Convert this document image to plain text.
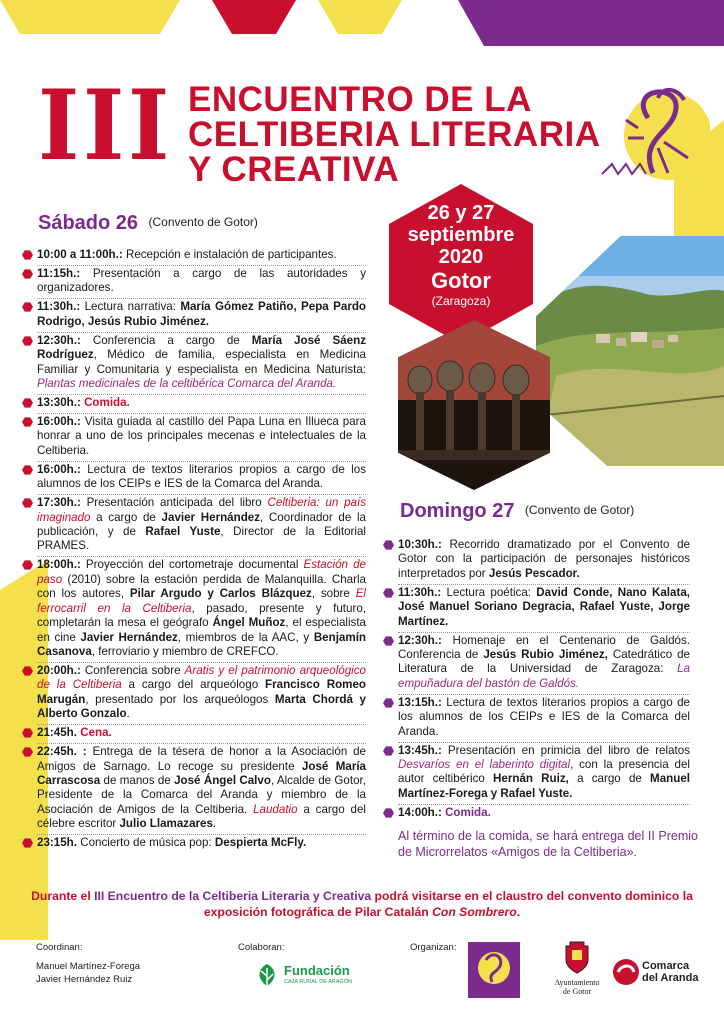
III ENCUENTRO DE LA
CELTIBERIA LITERARIA
Y CREATIVA
26 y 27
septiembre
2020
Gotor
(Zaragoza)
Sábado 26 (Convento de Gotor)
10:00 a 11:00h.: Recepción e instalación de participantes.
11:15h.: Presentación a cargo de las autoridades y organizadores.
11:30h.: Lectura narrativa: María Gómez Patiño, Pepa Pardo Rodrigo, Jesús Rubio Jiménez.
12:30h.: Conferencia a cargo de María José Sáenz Rodríguez, Médico de familia, especialista en Medicina Familiar y Comunitaria y especialista en Medicina Naturista: Plantas medicinales de la celtibérica Comarca del Aranda.
13:30h.: Comida.
16:00h.: Visita guiada al castillo del Papa Luna en Illueca para honrar a uno de los principales mecenas e intelectuales de la Celtiberia.
16:00h.: Lectura de textos literarios propios a cargo de los alumnos de los CEIPs e IES de la Comarca del Aranda.
17:30h.: Presentación anticipada del libro Celtiberia: un país imaginado a cargo de Javier Hernández, Coordinador de la publicación, y de Rafael Yuste, Director de la Editorial PRAMES.
18:00h.: Proyección del cortometraje documental Estación de paso (2010) sobre la estación perdida de Malanquilla. Charla con los autores, Pilar Argudo y Carlos Blázquez, sobre El ferrocarril en la Celtiberia, pasado, presente y futuro, completarán la mesa el geógrafo Ángel Muñoz, el especialista en cine Javier Hernández, miembros de la AAC, y Benjamín Casanova, ferroviario y miembro de CREFCO.
20:00h.: Conferencia sobre Aratis y el patrimonio arqueológico de la Celtiberia a cargo del arqueólogo Francisco Romeo Marugán, presentado por los arqueólogos Marta Chordá y Alberto Gonzalo.
21:45h. Cena.
22:45h. : Entrega de la tésera de honor a la Asociación de Amigos de Sarnago. Lo recoge su presidente José María Carrascosa de manos de José Ángel Calvo, Alcalde de Gotor, Presidente de la Comarca del Aranda y miembro de la Asociación de Amigos de la Celtiberia. Laudatio a cargo del célebre escritor Julio Llamazares.
23:15h. Concierto de música pop: Despierta McFly.
Domingo 27 (Convento de Gotor)
10:30h.: Recorrido dramatizado por el Convento de Gotor con la participación de personajes históricos interpretados por Jesús Pescador.
11:30h.: Lectura poética: David Conde, Nano Kalata, José Manuel Soriano Degracia, Rafael Yuste, Jorge Martínez.
12:30h.: Homenaje en el Centenario de Galdós. Conferencia de Jesús Rubio Jiménez, Catedrático de Literatura de la Universidad de Zaragoza: La empuñadura del bastón de Galdós.
13:15h.: Lectura de textos literarios propios a cargo de los alumnos de los CEIPs e IES de la Comarca del Aranda.
13:45h.: Presentación en primicia del libro de relatos Desvaríos en el laberinto digital, con la presencia del autor celtibérico Hernán Ruiz, a cargo de Manuel Martínez-Forega y Rafael Yuste.
14:00h.: Comida.
Al término de la comida, se hará entrega del II Premio de Microrrelatos «Amigos de la Celtiberia».
Durante el III Encuentro de la Celtiberia Literaria y Creativa podrá visitarse en el claustro del convento dominico la exposición fotográfica de Pilar Catalán Con Sombrero.
Coordinan:
Manuel Martínez-Forega
Javier Hernández Ruiz
Colaboran:
Fundación
CAJA RURAL DE ARAGÓN
Organizan:
Ayuntamiento
de Gotor
Comarca
del Aranda
